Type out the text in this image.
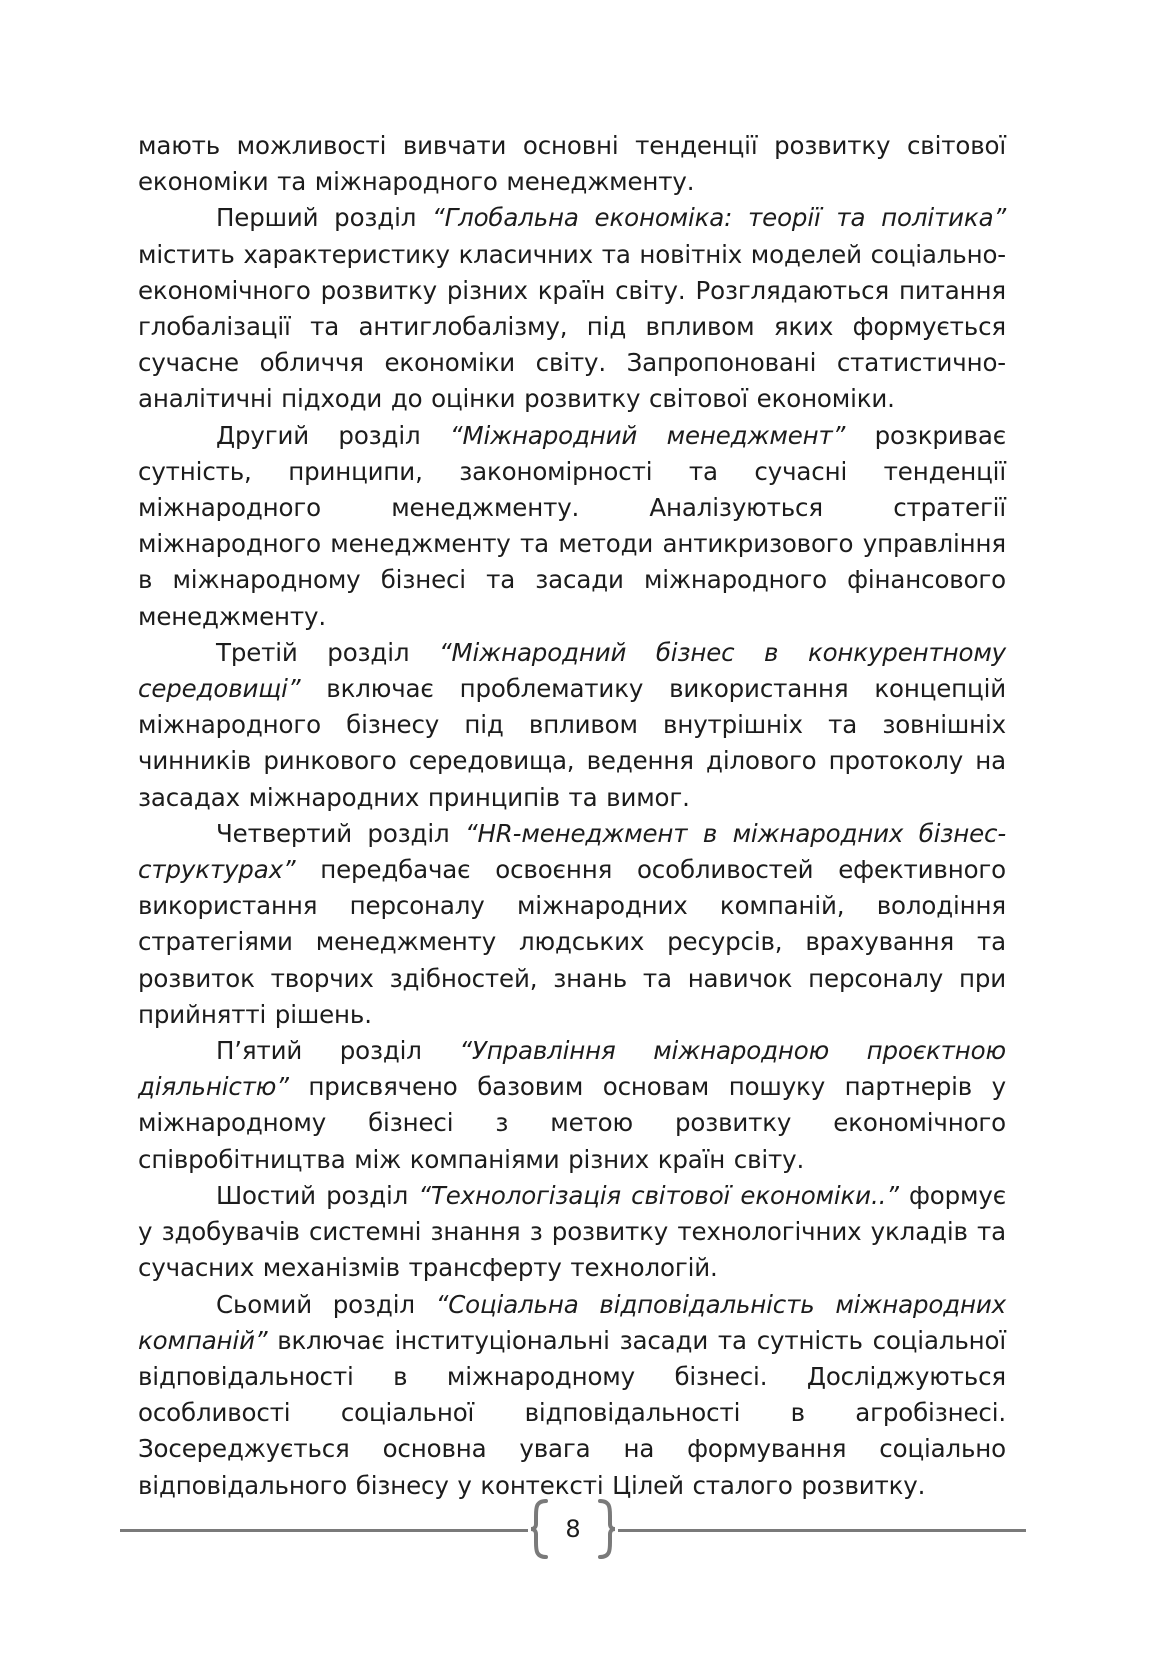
мають можливості вивчати основні тенденції розвитку світової економіки та міжнародного менеджменту.

Перший розділ “Глобальна економіка: теорії та політика” містить характеристику класичних та новітніх моделей соціально-економічного розвитку різних країн світу. Розглядаються питання глобалізації та антиглобалізму, під впливом яких формується сучасне обличчя економіки світу. Запропоновані статистично-аналітичні підходи до оцінки розвитку світової економіки.

Другий розділ “Міжнародний менеджмент” розкриває сутність, принципи, закономірності та сучасні тенденції міжнародного менеджменту. Аналізуються стратегії міжнародного менеджменту та методи антикризового управління в міжнародному бізнесі та засади міжнародного фінансового менеджменту.

Третій розділ “Міжнародний бізнес в конкурентному середовищі” включає проблематику використання концепцій міжнародного бізнесу під впливом внутрішніх та зовнішніх чинників ринкового середовища, ведення ділового протоколу на засадах міжнародних принципів та вимог.

Четвертий розділ “HR-менеджмент в міжнародних бізнес-структурах” передбачає освоєння особливостей ефективного використання персоналу міжнародних компаній, володіння стратегіями менеджменту людських ресурсів, врахування та розвиток творчих здібностей, знань та навичок персоналу при прийнятті рішень.

П’ятий розділ “Управління міжнародною проєктною діяльністю” присвячено базовим основам пошуку партнерів у міжнародному бізнесі з метою розвитку економічного співробітництва між компаніями різних країн світу.

Шостий розділ “Технологізація світової економіки..” формує у здобувачів системні знання з розвитку технологічних укладів та сучасних механізмів трансферту технологій.

Сьомий розділ “Соціальна відповідальність міжнародних компаній” включає інституціональні засади та сутність соціальної відповідальності в міжнародному бізнесі. Досліджуються особливості соціальної відповідальності в агробізнесі. Зосереджується основна увага на формування соціально відповідального бізнесу у контексті Цілей сталого розвитку.

8
